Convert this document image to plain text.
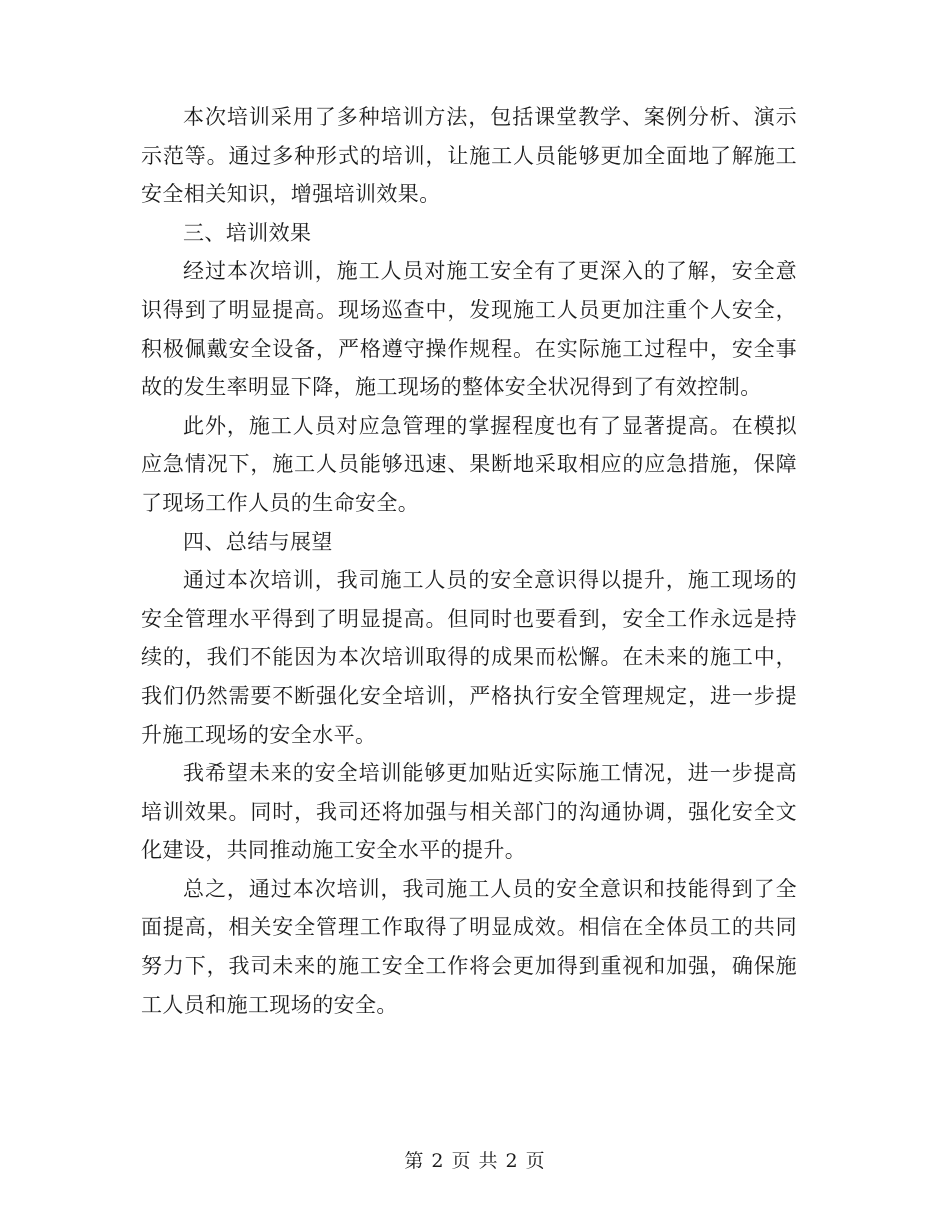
本次培训采用了多种培训方法，包括课堂教学、案例分析、演示示范等。通过多种形式的培训，让施工人员能够更加全面地了解施工安全相关知识，增强培训效果。

三、培训效果

经过本次培训，施工人员对施工安全有了更深入的了解，安全意识得到了明显提高。现场巡查中，发现施工人员更加注重个人安全，积极佩戴安全设备，严格遵守操作规程。在实际施工过程中，安全事故的发生率明显下降，施工现场的整体安全状况得到了有效控制。

此外，施工人员对应急管理的掌握程度也有了显著提高。在模拟应急情况下，施工人员能够迅速、果断地采取相应的应急措施，保障了现场工作人员的生命安全。

四、总结与展望

通过本次培训，我司施工人员的安全意识得以提升，施工现场的安全管理水平得到了明显提高。但同时也要看到，安全工作永远是持续的，我们不能因为本次培训取得的成果而松懈。在未来的施工中，我们仍然需要不断强化安全培训，严格执行安全管理规定，进一步提升施工现场的安全水平。

我希望未来的安全培训能够更加贴近实际施工情况，进一步提高培训效果。同时，我司还将加强与相关部门的沟通协调，强化安全文化建设，共同推动施工安全水平的提升。

总之，通过本次培训，我司施工人员的安全意识和技能得到了全面提高，相关安全管理工作取得了明显成效。相信在全体员工的共同努力下，我司未来的施工安全工作将会更加得到重视和加强，确保施工人员和施工现场的安全。

第 2 页 共 2 页
